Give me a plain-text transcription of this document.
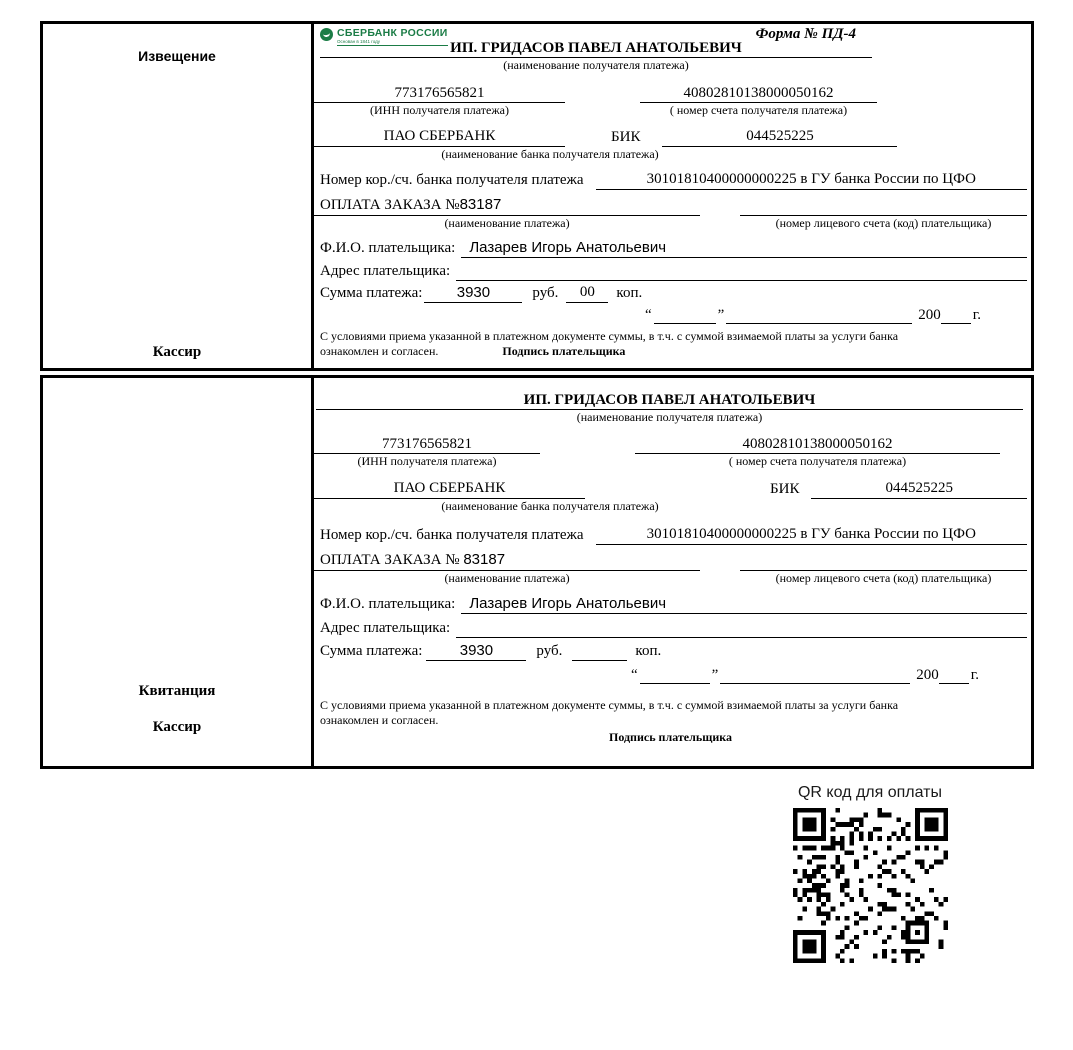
Извещение
Кассир
СБЕРБАНК РОССИИ
Основан в 1841 году	Форма № ПД-4
ИП. ГРИДАСОВ ПАВЕЛ АНАТОЛЬЕВИЧ
(наименование получателя платежа)
773176565821	40802810138000050162
(ИНН получателя платежа)	( номер счета получателя платежа)
ПАО СБЕРБАНК	БИК	044525225
(наименование банка получателя платежа)
Номер кор./сч. банка получателя платежа	30101810400000000225 в ГУ банка России по ЦФО
ОПЛАТА ЗАКАЗА №83187
(наименование платежа)	(номер лицевого счета (код) плательщика)
Ф.И.О. плательщика: Лазарев Игорь Анатольевич
Адрес плательщика:
Сумма платежа:	3930	руб.	00	коп.
“	”	200 г.
С условиями приема указанной в платежном документе суммы, в т.ч. с суммой взимаемой платы за услуги банка
ознакомлен и согласен.	Подпись плательщика
Квитанция
Кассир
ИП. ГРИДАСОВ ПАВЕЛ АНАТОЛЬЕВИЧ
(наименование получателя платежа)
773176565821	40802810138000050162
(ИНН получателя платежа)	( номер счета получателя платежа)
ПАО СБЕРБАНК	БИК	044525225
(наименование банка получателя платежа)
Номер кор./сч. банка получателя платежа	30101810400000000225 в ГУ банка России по ЦФО
ОПЛАТА ЗАКАЗА № 83187
(наименование платежа)	(номер лицевого счета (код) плательщика)
Ф.И.О. плательщика: Лазарев Игорь Анатольевич
Адрес плательщика:
Сумма платежа:	3930	руб.	коп.
“	”	200 г.
С условиями приема указанной в платежном документе суммы, в т.ч. с суммой взимаемой платы за услуги банка
ознакомлен и согласен.
Подпись плательщика
QR код для оплаты
